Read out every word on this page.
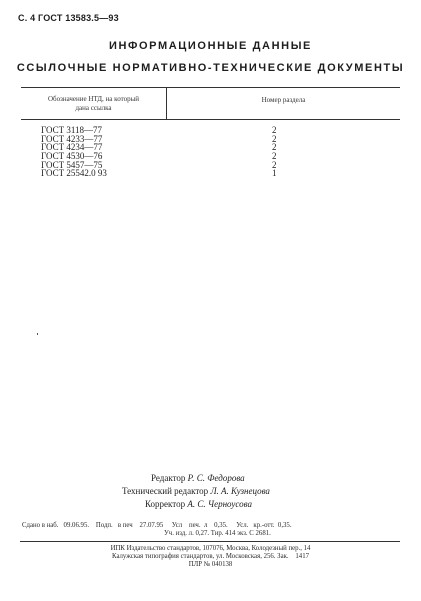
С. 4 ГОСТ 13583.5—93
ИНФОРМАЦИОННЫЕ ДАННЫЕ
ССЫЛОЧНЫЕ НОРМАТИВНО-ТЕХНИЧЕСКИЕ ДОКУМЕНТЫ
Обозначение НТД, на который
дана ссылка
Номер раздела
ГОСТ 3118—77	2
ГОСТ 4233—77	2
ГОСТ 4234—77	2
ГОСТ 4530—76	2
ГОСТ 5457—75	2
ГОСТ 25542.0 93	1
Редактор Р. С. Федорова
Технический редактор Л. А. Кузнецова
Корректор А. С. Черноусова
Сдано в наб.   09.06.95.    Подп.   в печ    27.07.95     Усл    печ.  л    0,35.     Усл.   кр.-отт.  0,35.
Уч. изд. л. 0,27. Тир. 414 экз. С 2681.
ИПК Издательство стандартов, 107076, Москва, Колодезный пер., 14
Калужская типография стандартов, ул. Московская, 256. Зак.    1417
ПЛР № 040138
